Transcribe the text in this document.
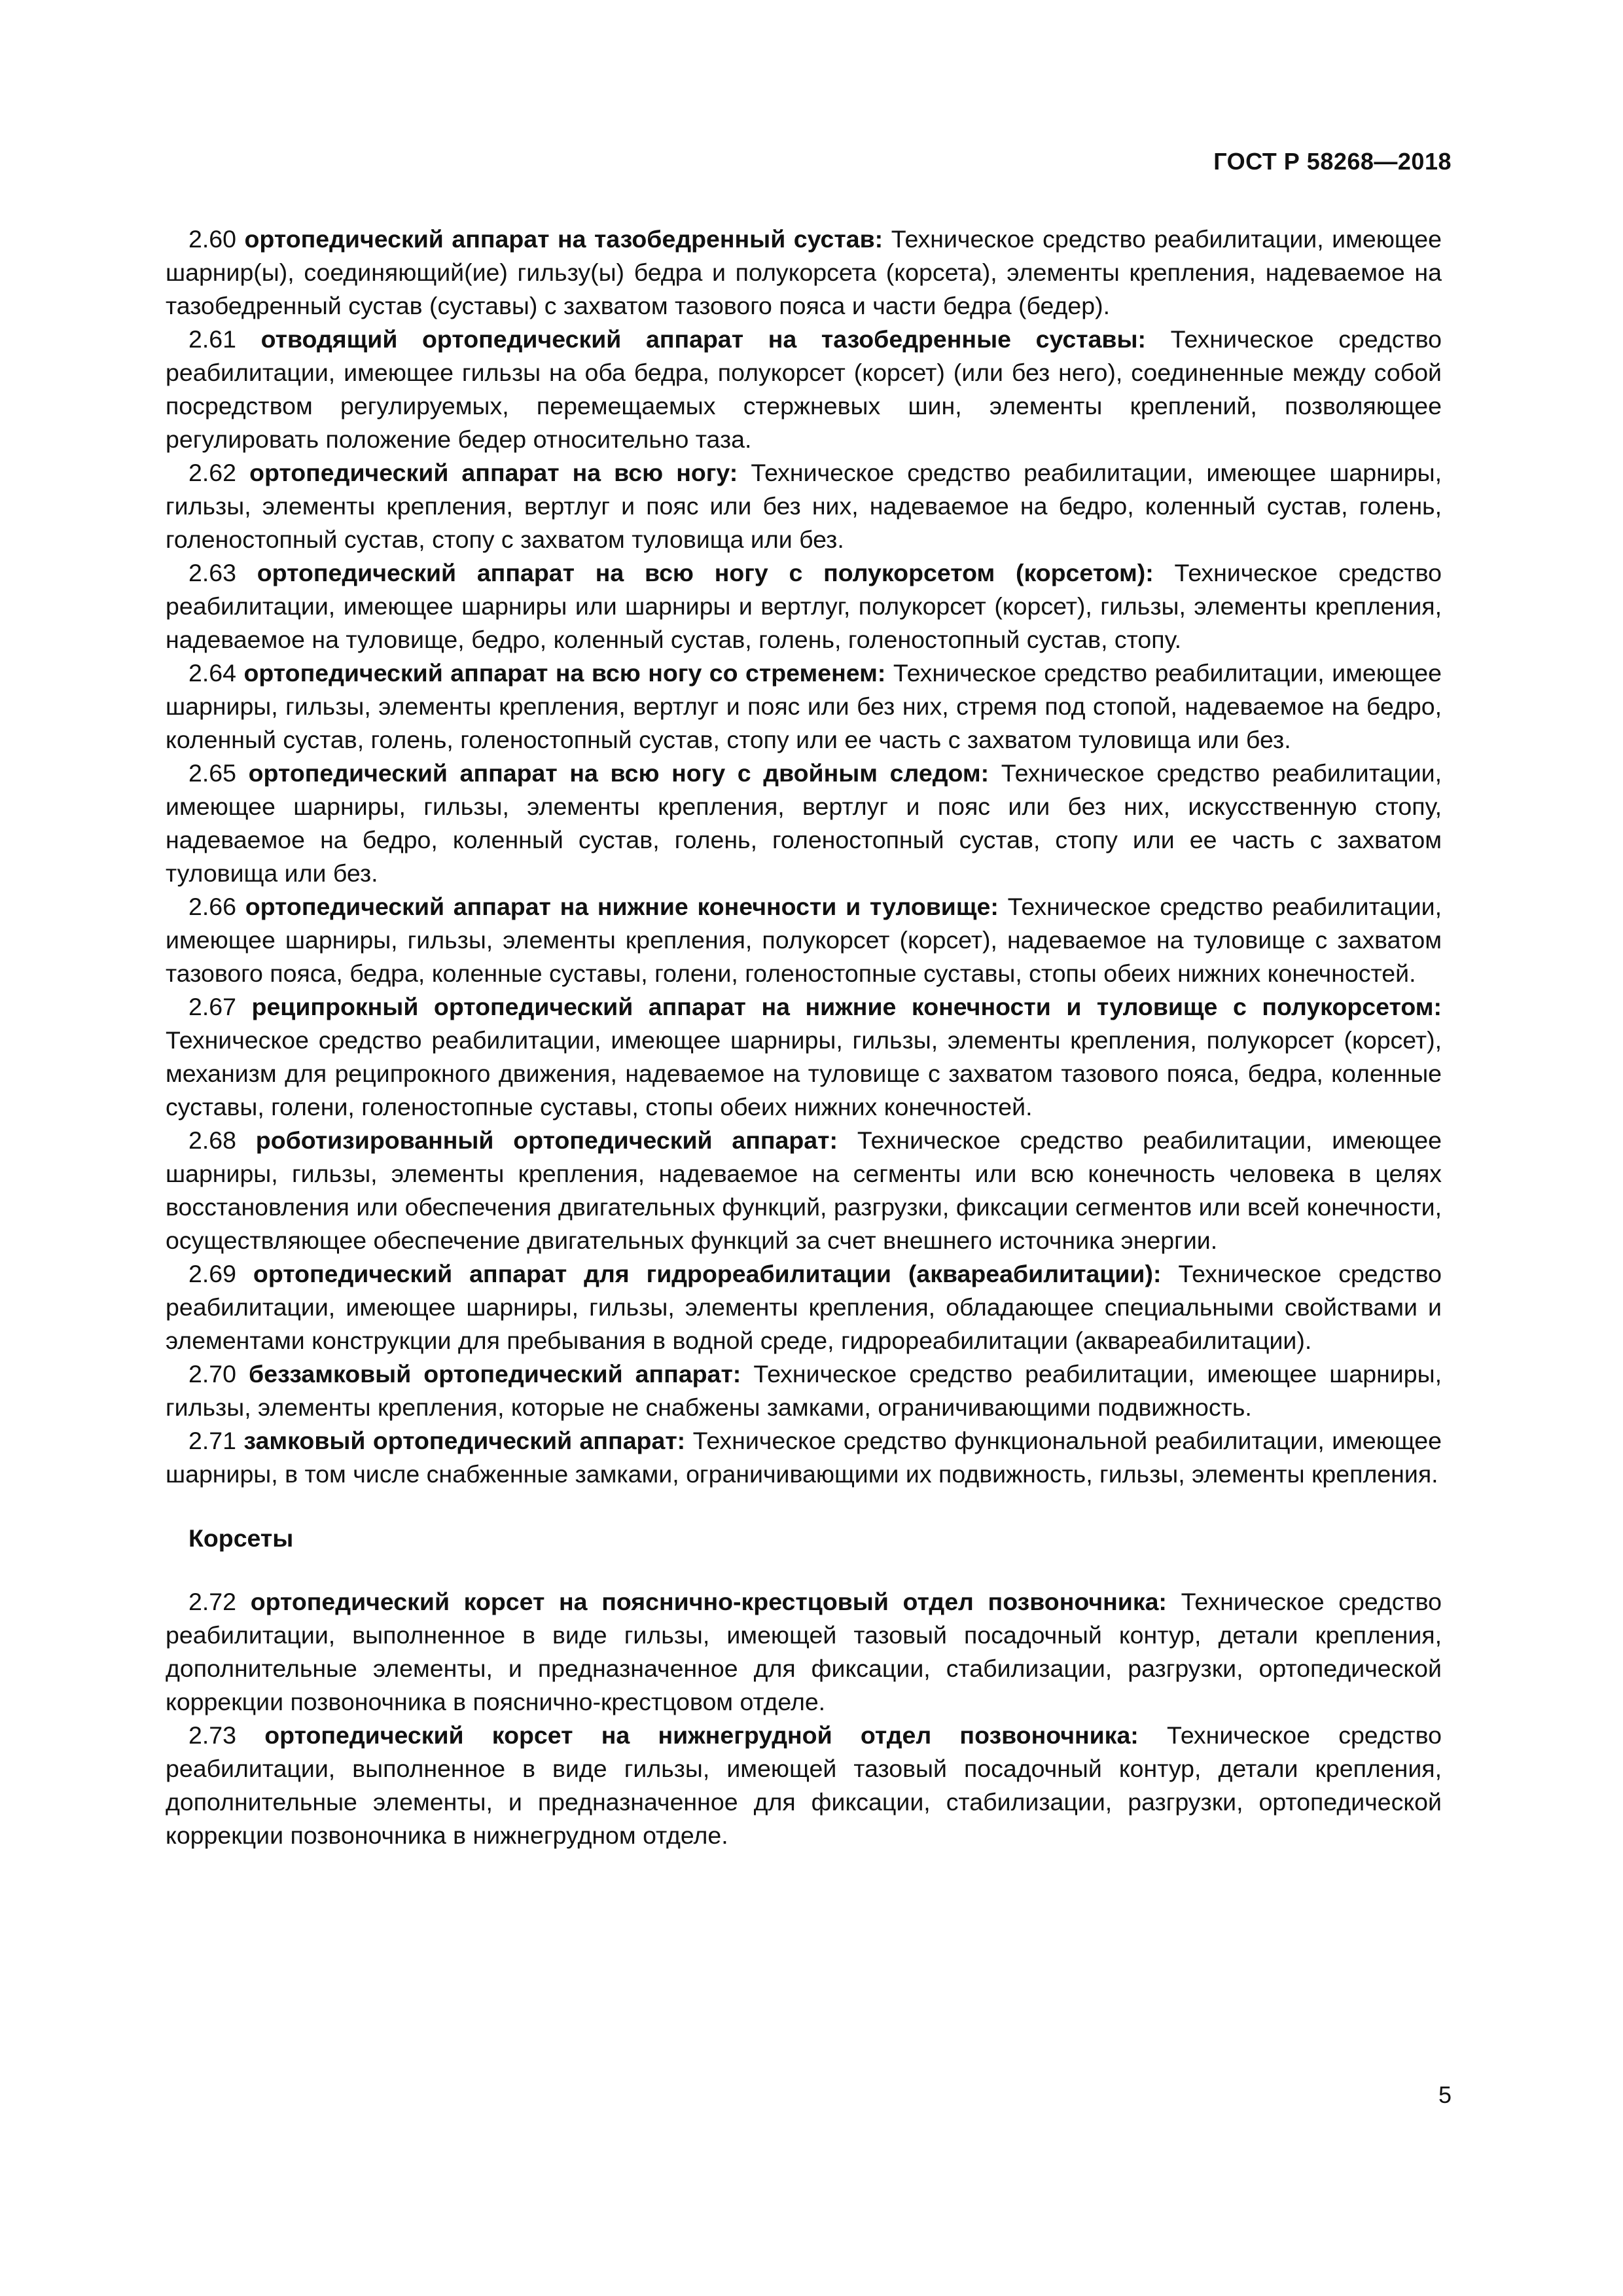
ГОСТ Р 58268—2018

2.60 ортопедический аппарат на тазобедренный сустав: Техническое средство реабилитации, имеющее шарнир(ы), соединяющий(ие) гильзу(ы) бедра и полукорсета (корсета), элементы крепления, надеваемое на тазобедренный сустав (суставы) с захватом тазового пояса и части бедра (бедер).

2.61 отводящий ортопедический аппарат на тазобедренные суставы: Техническое средство реабилитации, имеющее гильзы на оба бедра, полукорсет (корсет) (или без него), соединенные между собой посредством регулируемых, перемещаемых стержневых шин, элементы креплений, позволяющее регулировать положение бедер относительно таза.

2.62 ортопедический аппарат на всю ногу: Техническое средство реабилитации, имеющее шарниры, гильзы, элементы крепления, вертлуг и пояс или без них, надеваемое на бедро, коленный сустав, голень, голеностопный сустав, стопу с захватом туловища или без.

2.63 ортопедический аппарат на всю ногу с полукорсетом (корсетом): Техническое средство реабилитации, имеющее шарниры или шарниры и вертлуг, полукорсет (корсет), гильзы, элементы крепления, надеваемое на туловище, бедро, коленный сустав, голень, голеностопный сустав, стопу.

2.64 ортопедический аппарат на всю ногу со стременем: Техническое средство реабилитации, имеющее шарниры, гильзы, элементы крепления, вертлуг и пояс или без них, стремя под стопой, надеваемое на бедро, коленный сустав, голень, голеностопный сустав, стопу или ее часть с захватом туловища или без.

2.65 ортопедический аппарат на всю ногу с двойным следом: Техническое средство реабилитации, имеющее шарниры, гильзы, элементы крепления, вертлуг и пояс или без них, искусственную стопу, надеваемое на бедро, коленный сустав, голень, голеностопный сустав, стопу или ее часть с захватом туловища или без.

2.66 ортопедический аппарат на нижние конечности и туловище: Техническое средство реабилитации, имеющее шарниры, гильзы, элементы крепления, полукорсет (корсет), надеваемое на туловище с захватом тазового пояса, бедра, коленные суставы, голени, голеностопные суставы, стопы обеих нижних конечностей.

2.67 реципрокный ортопедический аппарат на нижние конечности и туловище с полукорсетом: Техническое средство реабилитации, имеющее шарниры, гильзы, элементы крепления, полукорсет (корсет), механизм для реципрокного движения, надеваемое на туловище с захватом тазового пояса, бедра, коленные суставы, голени, голеностопные суставы, стопы обеих нижних конечностей.

2.68 роботизированный ортопедический аппарат: Техническое средство реабилитации, имеющее шарниры, гильзы, элементы крепления, надеваемое на сегменты или всю конечность человека в целях восстановления или обеспечения двигательных функций, разгрузки, фиксации сегментов или всей конечности, осуществляющее обеспечение двигательных функций за счет внешнего источника энергии.

2.69 ортопедический аппарат для гидрореабилитации (аквареабилитации): Техническое средство реабилитации, имеющее шарниры, гильзы, элементы крепления, обладающее специальными свойствами и элементами конструкции для пребывания в водной среде, гидрореабилитации (аквареабилитации).

2.70 беззамковый ортопедический аппарат: Техническое средство реабилитации, имеющее шарниры, гильзы, элементы крепления, которые не снабжены замками, ограничивающими подвижность.

2.71 замковый ортопедический аппарат: Техническое средство функциональной реабилитации, имеющее шарниры, в том числе снабженные замками, ограничивающими их подвижность, гильзы, элементы крепления.

Корсеты

2.72 ортопедический корсет на пояснично-крестцовый отдел позвоночника: Техническое средство реабилитации, выполненное в виде гильзы, имеющей тазовый посадочный контур, детали крепления, дополнительные элементы, и предназначенное для фиксации, стабилизации, разгрузки, ортопедической коррекции позвоночника в пояснично-крестцовом отделе.

2.73 ортопедический корсет на нижнегрудной отдел позвоночника: Техническое средство реабилитации, выполненное в виде гильзы, имеющей тазовый посадочный контур, детали крепления, дополнительные элементы, и предназначенное для фиксации, стабилизации, разгрузки, ортопедической коррекции позвоночника в нижнегрудном отделе.

5
